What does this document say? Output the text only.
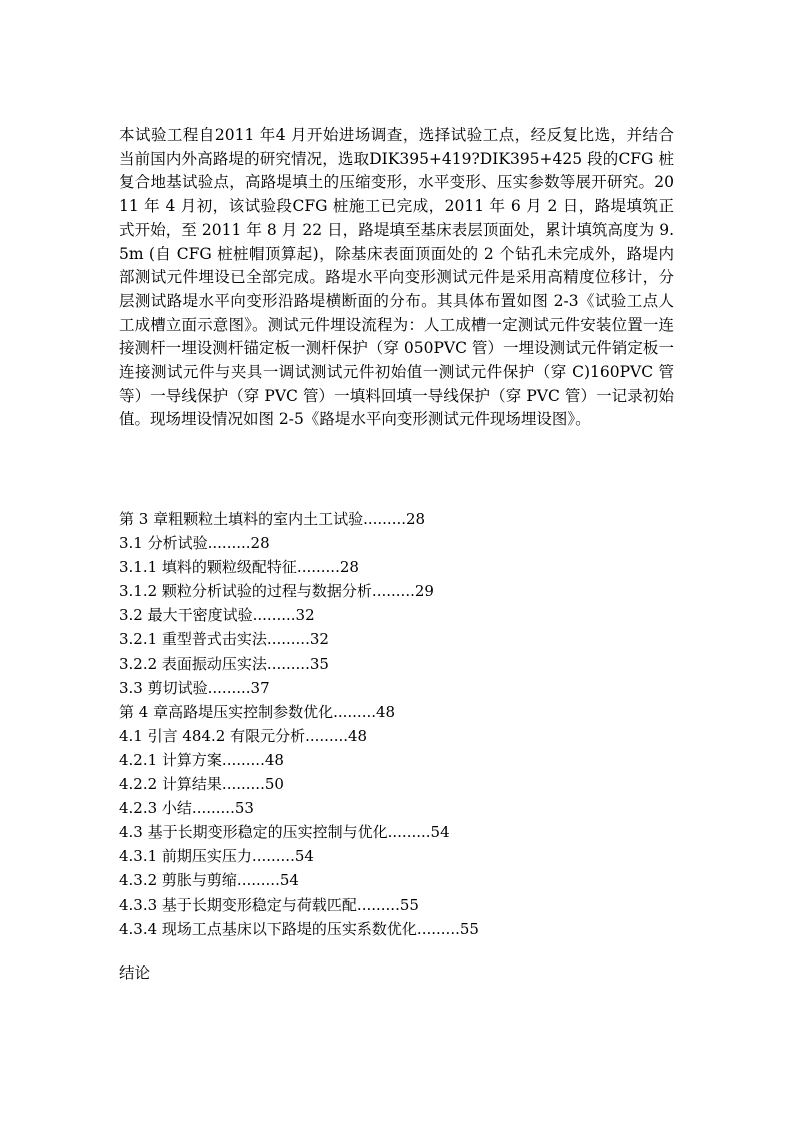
本试验工程自2011 年4 月开始进场调查，选择试验工点，经反复比选，并结合当前国内外高路堤的研究情况，选取DIK395+419?DIK395+425 段的CFG 桩复合地基试验点，高路堤填土的压缩变形，水平变形、压实参数等展开研究。2011 年 4 月初，该试验段CFG 桩施工已完成，2011 年 6 月 2 日，路堤填筑正式开始，至 2011 年 8 月 22 日，路堤填至基床表层顶面处，累计填筑高度为 9.5m (自 CFG 桩桩帽顶算起)，除基床表面顶面处的 2 个钻孔未完成外，路堤内部测试元件埋设已全部完成。路堤水平向变形测试元件是采用高精度位移计，分层测试路堤水平向变形沿路堤横断面的分布。其具体布置如图 2-3《试验工点人工成槽立面示意图》。测试元件埋设流程为：人工成槽一定测试元件安装位置一连接测杆一埋设测杆锚定板一测杆保护（穿 050PVC 管）一埋设测试元件销定板一连接测试元件与夹具一调试测试元件初始值一测试元件保护（穿 C)160PVC 管等）一导线保护（穿 PVC 管）一填料回填一导线保护（穿 PVC 管）一记录初始值。现场埋设情况如图 2-5《路堤水平向变形测试元件现场埋设图》。

第 3 章粗颗粒土填料的室内土工试验.........28
3.1 分析试验.........28
3.1.1 填料的颗粒级配特征.........28
3.1.2 颗粒分析试验的过程与数据分析.........29
3.2 最大干密度试验.........32
3.2.1 重型普式击实法.........32
3.2.2 表面振动压实法.........35
3.3 剪切试验.........37
第 4 章高路堤压实控制参数优化.........48
4.1 引言 484.2 有限元分析.........48
4.2.1 计算方案.........48
4.2.2 计算结果.........50
4.2.3 小结.........53
4.3 基于长期变形稳定的压实控制与优化.........54
4.3.1 前期压实压力.........54
4.3.2 剪胀与剪缩.........54
4.3.3 基于长期变形稳定与荷载匹配.........55
4.3.4 现场工点基床以下路堤的压实系数优化.........55
结论
